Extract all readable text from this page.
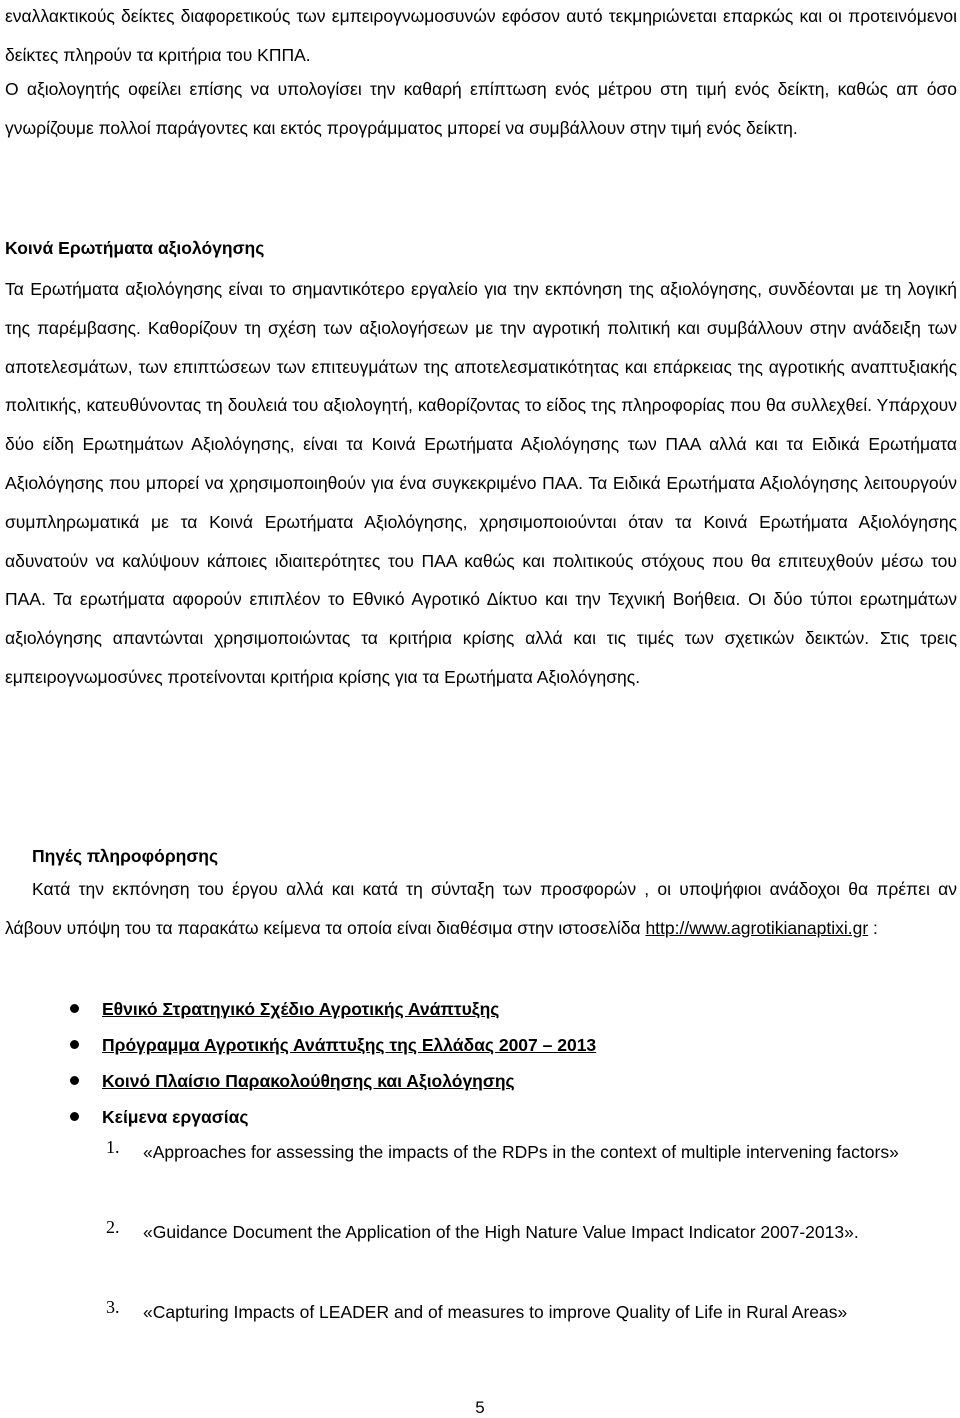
εναλλακτικούς δείκτες διαφορετικούς των εμπειρογνωμοσυνών εφόσον αυτό τεκμηριώνεται επαρκώς και οι προτεινόμενοι δείκτες πληρούν τα κριτήρια του ΚΠΠΑ.

Ο αξιολογητής οφείλει επίσης να υπολογίσει την καθαρή επίπτωση ενός μέτρου στη τιμή ενός δείκτη, καθώς απ όσο γνωρίζουμε πολλοί παράγοντες και εκτός προγράμματος μπορεί να συμβάλλουν στην τιμή ενός δείκτη.

Κοινά Ερωτήματα αξιολόγησης

Τα Ερωτήματα αξιολόγησης είναι το σημαντικότερο εργαλείο για την εκπόνηση της αξιολόγησης, συνδέονται με τη λογική της παρέμβασης. Καθορίζουν τη σχέση των αξιολογήσεων με την αγροτική πολιτική και συμβάλλουν στην ανάδειξη των αποτελεσμάτων, των επιπτώσεων των επιτευγμάτων της αποτελεσματικότητας και επάρκειας της αγροτικής αναπτυξιακής πολιτικής, κατευθύνοντας τη δουλειά του αξιολογητή, καθορίζοντας το είδος της πληροφορίας που θα συλλεχθεί. Υπάρχουν δύο είδη Ερωτημάτων Αξιολόγησης, είναι τα Κοινά Ερωτήματα Αξιολόγησης των ΠΑΑ αλλά και τα Ειδικά Ερωτήματα Αξιολόγησης που μπορεί να χρησιμοποιηθούν για ένα συγκεκριμένο ΠΑΑ. Τα Ειδικά Ερωτήματα Αξιολόγησης λειτουργούν συμπληρωματικά με τα Κοινά Ερωτήματα Αξιολόγησης, χρησιμοποιούνται όταν τα Κοινά Ερωτήματα Αξιολόγησης αδυνατούν να καλύψουν κάποιες ιδιαιτερότητες του ΠΑΑ καθώς και πολιτικούς στόχους που θα επιτευχθούν μέσω του ΠΑΑ. Τα ερωτήματα αφορούν επιπλέον το Εθνικό Αγροτικό Δίκτυο και την Τεχνική Βοήθεια. Οι δύο τύποι ερωτημάτων αξιολόγησης απαντώνται χρησιμοποιώντας τα κριτήρια κρίσης αλλά και τις τιμές των σχετικών δεικτών. Στις τρεις εμπειρογνωμοσύνες προτείνονται κριτήρια κρίσης για τα Ερωτήματα Αξιολόγησης.

Πηγές πληροφόρησης

Κατά την εκπόνηση του έργου αλλά και κατά τη σύνταξη των προσφορών , οι υποψήφιοι ανάδοχοι θα πρέπει αν λάβουν υπόψη του τα παρακάτω κείμενα τα οποία είναι διαθέσιμα στην ιστοσελίδα http://www.agrotikianaptixi.gr :

Εθνικό Στρατηγικό Σχέδιο Αγροτικής Ανάπτυξης
Πρόγραμμα Αγροτικής Ανάπτυξης της Ελλάδας 2007 – 2013
Κοινό Πλαίσιο Παρακολούθησης και Αξιολόγησης
Κείμενα εργασίας
1. «Approaches for assessing the impacts of the RDPs in the context of multiple intervening factors»
2. «Guidance Document the Application of the High Nature Value Impact Indicator 2007-2013».
3. «Capturing Impacts of LEADER and of measures to improve Quality of Life in Rural Areas»
5
